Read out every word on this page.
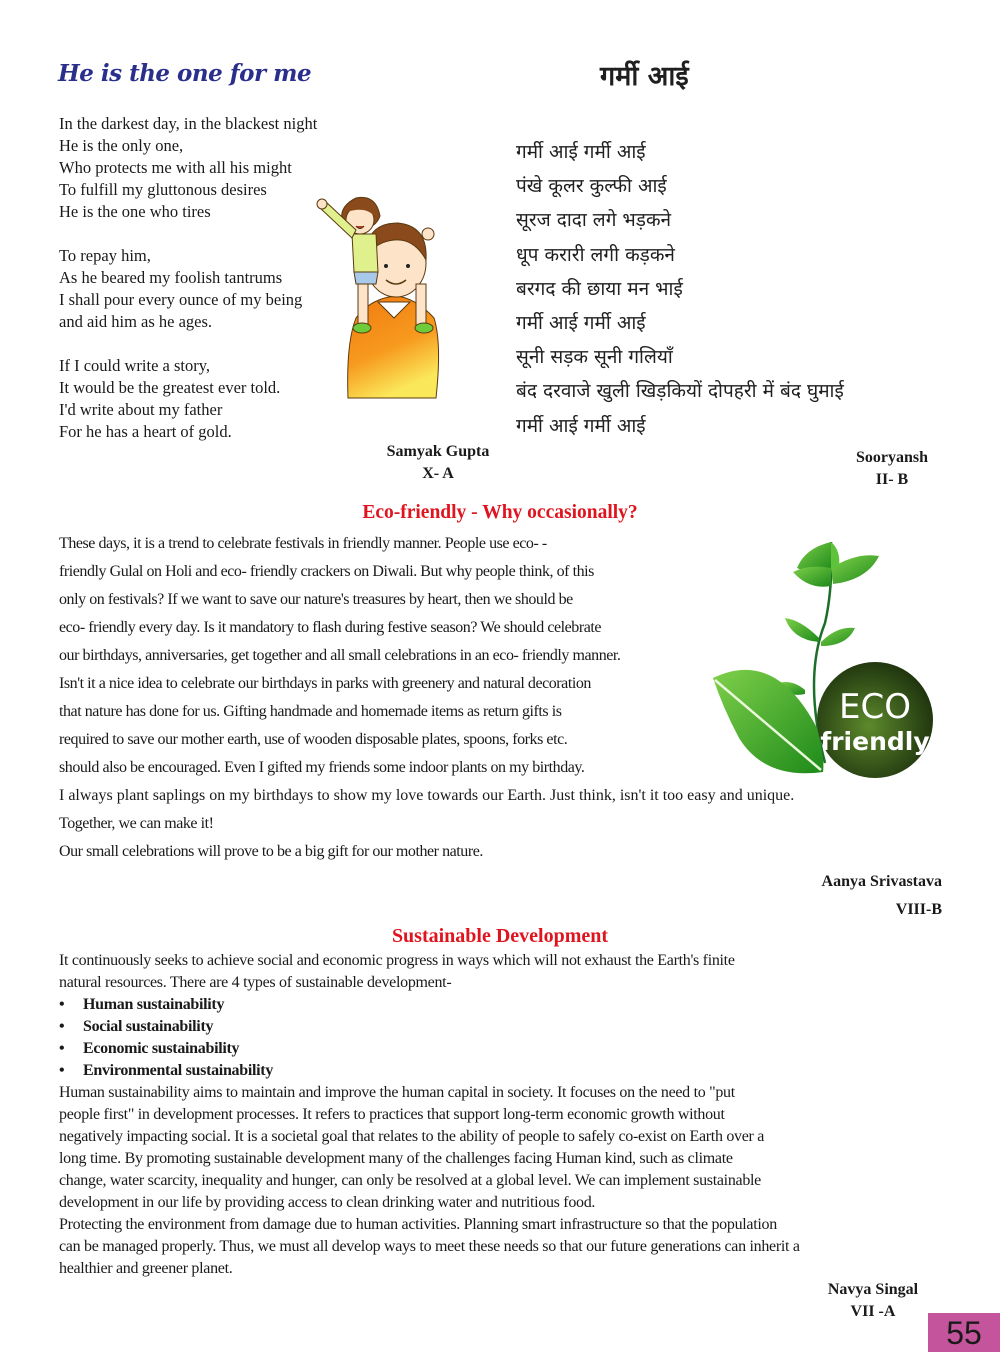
He is the one for me
In the darkest day, in the blackest night
He is the only one,
Who protects me with all his might
To fulfill my gluttonous desires
He is the one who tires
To repay him,
As he beared my foolish tantrums
I shall pour every ounce of my being
and aid him as he ages.
If I could write a story,
It would be the greatest ever told.
I'd write about my father
For he has a heart of gold.
Samyak Gupta
X- A
गर्मी आई
गर्मी आई गर्मी आई
पंखे कूलर कुल्फी आई
सूरज दादा लगे भड़कने
धूप करारी लगी कड़कने
बरगद की छाया मन भाई
गर्मी आई गर्मी आई
सूनी सड़क सूनी गलियाँ
बंद दरवाजे खुली खिड़कियों दोपहरी में बंद घुमाई
गर्मी आई गर्मी आई
Sooryansh
II- B
Eco-friendly - Why occasionally?
ECO
friendly
These days, it is a trend to celebrate festivals in friendly manner. People use eco- -
friendly Gulal on Holi and eco- friendly crackers on Diwali. But why people think, of this
only on festivals? If we want to save our nature's treasures by heart, then we should be
eco- friendly every day. Is it mandatory to flash during festive season? We should celebrate
our birthdays, anniversaries, get together and all small celebrations in an eco- friendly manner.
Isn't it a nice idea to celebrate our birthdays in parks with greenery and natural decoration
that nature has done for us. Gifting handmade and homemade items as return gifts is
required to save our mother earth, use of wooden disposable plates, spoons, forks etc.
should also be encouraged. Even I gifted my friends some indoor plants on my birthday.
I always plant saplings on my birthdays to show my love towards our Earth. Just think, isn't it too easy and unique.
Together, we can make it!
Our small celebrations will prove to be a big gift for our mother nature.
Aanya Srivastava
VIII-B
Sustainable Development
It continuously seeks to achieve social and economic progress in ways which will not exhaust the Earth's finite
natural resources. There are 4 types of sustainable development-
• Human sustainability
• Social sustainability
• Economic sustainability
• Environmental sustainability
Human sustainability aims to maintain and improve the human capital in society. It focuses on the need to "put
people first" in development processes. It refers to practices that support long-term economic growth without
negatively impacting social. It is a societal goal that relates to the ability of people to safely co-exist on Earth over a
long time. By promoting sustainable development many of the challenges facing Human kind, such as climate
change, water scarcity, inequality and hunger, can only be resolved at a global level. We can implement sustainable
development in our life by providing access to clean drinking water and nutritious food.
Protecting the environment from damage due to human activities. Planning smart infrastructure so that the population
can be managed properly. Thus, we must all develop ways to meet these needs so that our future generations can inherit a
healthier and greener planet.
Navya Singal
VII -A
55
